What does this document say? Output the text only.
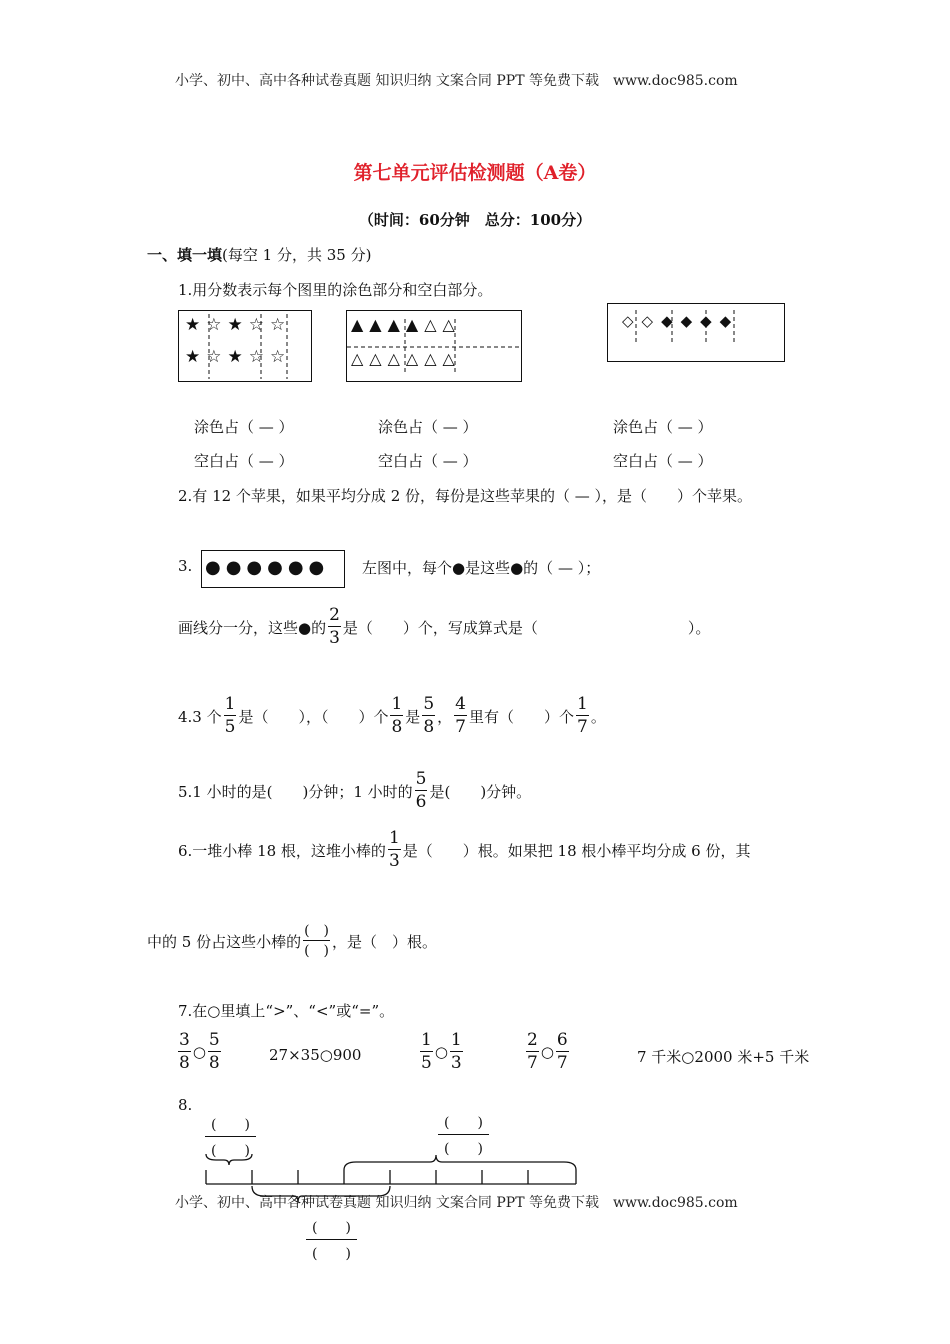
小学、初中、高中各种试卷真题 知识归纳 文案合同 PPT 等免费下载　www.doc985.com
第七单元评估检测题（A卷）
（时间：60分钟　总分：100分）
一、填一填(每空 1 分，共 35 分)
1.用分数表示每个图里的涂色部分和空白部分。
★☆★☆☆
★☆★☆☆
▲▲▲▲△△
△△△△△△
◇◇◆◆◆◆
涂色占（ — ）	涂色占（ — ）	涂色占（ — ）
空白占（ — ）	空白占（ — ）	空白占（ — ）
2.有 12 个苹果，如果平均分成 2 份，每份是这些苹果的（ — ），是（　　）个苹果。
3. ●●●●●● 左图中，每个●是这些●的（ — ）；
画线分一分，这些●的 $\frac{2}{3}$ 是（　　）个，写成算式是（　　　　　　　　　　）。
4.3 个 $\frac{1}{5}$ 是（　　），（　　）个 $\frac{1}{8}$ 是 $\frac{5}{8}$ ， $\frac{4}{7}$ 里有（　　）个 $\frac{1}{7}$ 。
5.1 小时的是(　　)分钟；1 小时的 $\frac{5}{6}$ 是(　　)分钟。
6.一堆小棒 18 根，这堆小棒的 $\frac{1}{3}$ 是（　　）根。如果把 18 根小棒平均分成 6 份，其
中的 5 份占这些小棒的 $\frac{( )}{( )}$ ，是（　）根。
7.在○里填上“>”、“<”或“=”。
$\frac{3}{8}$ ○ $\frac{5}{8}$	27×35○900	$\frac{1}{5}$ ○ $\frac{1}{3}$	$\frac{2}{7}$ ○ $\frac{6}{7}$	7 千米○2000 米+5 千米
8.
(　　)
(　　)
(　　)
(　　)
小学、初中、高中各种试卷真题 知识归纳 文案合同 PPT 等免费下载　www.doc985.com
(　　)
(　　)
